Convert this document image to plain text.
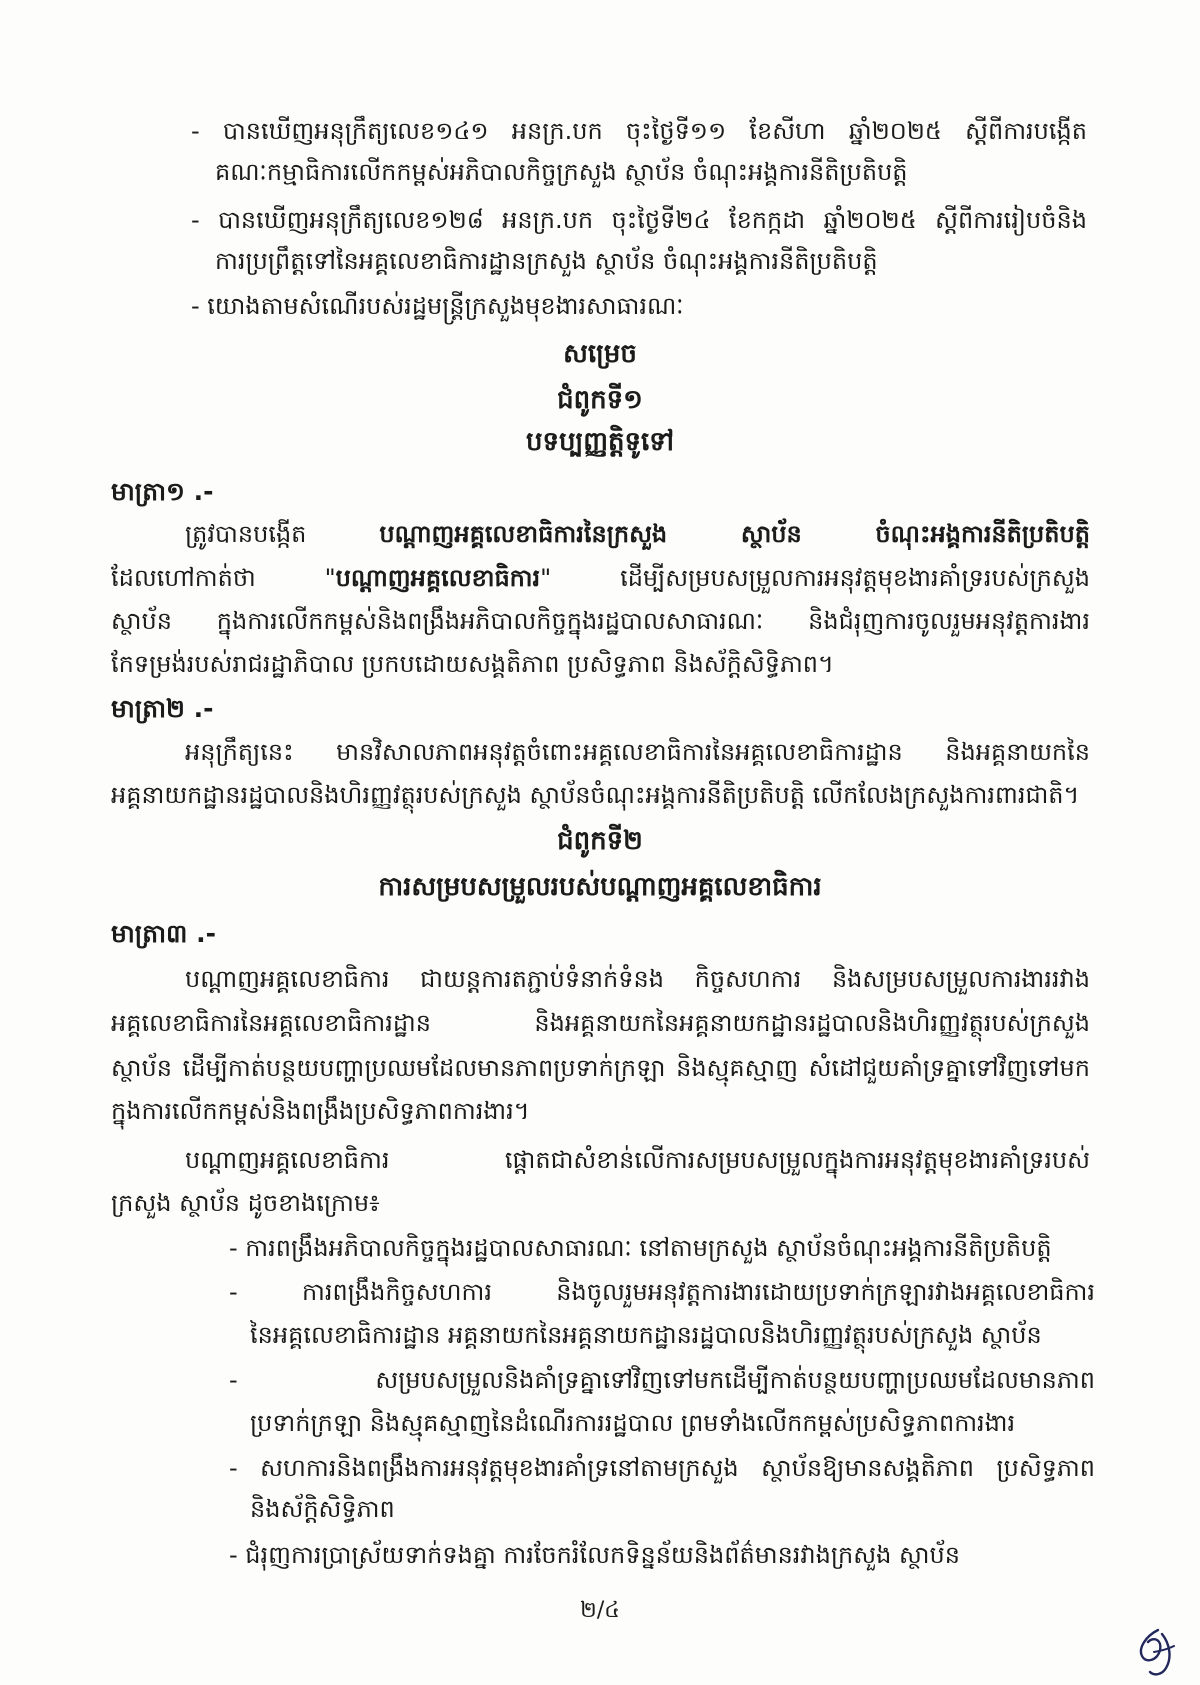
- បានឃើញអនុក្រឹត្យលេខ១៤១ អនក្រ.បក ចុះថ្ងៃទី១១ ខែសីហា ឆ្នាំ២០២៥ ស្តីពីការបង្កើត
គណៈកម្មាធិការលើកកម្ពស់អភិបាលកិច្ចក្រសួង ស្ថាប័ន ចំណុះអង្គការនីតិប្រតិបត្តិ
- បានឃើញអនុក្រឹត្យលេខ១២៨ អនក្រ.បក ចុះថ្ងៃទី២៤ ខែកក្កដា ឆ្នាំ២០២៥ ស្តីពីការរៀបចំនិង
ការប្រព្រឹត្តទៅនៃអគ្គលេខាធិការដ្ឋានក្រសួង ស្ថាប័ន ចំណុះអង្គការនីតិប្រតិបត្តិ
- យោងតាមសំណើរបស់រដ្ឋមន្ត្រីក្រសួងមុខងារសាធារណៈ
សម្រេច
ជំពូកទី១
បទប្បញ្ញត្តិទូទៅ
មាត្រា១ .-
ត្រូវបានបង្កើត បណ្តាញអគ្គលេខាធិការនៃក្រសួង ស្ថាប័ន ចំណុះអង្គការនីតិប្រតិបត្តិ
ដែលហៅកាត់ថា "បណ្តាញអគ្គលេខាធិការ" ដើម្បីសម្របសម្រួលការអនុវត្តមុខងារគាំទ្ររបស់ក្រសួង
ស្ថាប័ន ក្នុងការលើកកម្ពស់និងពង្រឹងអភិបាលកិច្ចក្នុងរដ្ឋបាលសាធារណៈ និងជំរុញការចូលរួមអនុវត្តការងារ
កែទម្រង់របស់រាជរដ្ឋាភិបាល ប្រកបដោយសង្គតិភាព ប្រសិទ្ធភាព និងស័ក្តិសិទ្ធិភាព។
មាត្រា២ .-
អនុក្រឹត្យនេះ មានវិសាលភាពអនុវត្តចំពោះអគ្គលេខាធិការនៃអគ្គលេខាធិការដ្ឋាន និងអគ្គនាយកនៃ
អគ្គនាយកដ្ឋានរដ្ឋបាលនិងហិរញ្ញវត្ថុរបស់ក្រសួង ស្ថាប័នចំណុះអង្គការនីតិប្រតិបត្តិ លើកលែងក្រសួងការពារជាតិ។
ជំពូកទី២
ការសម្របសម្រួលរបស់បណ្តាញអគ្គលេខាធិការ
មាត្រា៣ .-
បណ្តាញអគ្គលេខាធិការ ជាយន្តការតភ្ជាប់ទំនាក់ទំនង កិច្ចសហការ និងសម្របសម្រួលការងាររវាង
អគ្គលេខាធិការនៃអគ្គលេខាធិការដ្ឋាន និងអគ្គនាយកនៃអគ្គនាយកដ្ឋានរដ្ឋបាលនិងហិរញ្ញវត្ថុរបស់ក្រសួង
ស្ថាប័ន ដើម្បីកាត់បន្ថយបញ្ហាប្រឈមដែលមានភាពប្រទាក់ក្រឡា និងស្មុគស្មាញ សំដៅជួយគាំទ្រគ្នាទៅវិញទៅមក
ក្នុងការលើកកម្ពស់និងពង្រឹងប្រសិទ្ធភាពការងារ។
បណ្តាញអគ្គលេខាធិការ ផ្តោតជាសំខាន់លើការសម្របសម្រួលក្នុងការអនុវត្តមុខងារគាំទ្ររបស់
ក្រសួង ស្ថាប័ន ដូចខាងក្រោម៖
- ការពង្រឹងអភិបាលកិច្ចក្នុងរដ្ឋបាលសាធារណៈ នៅតាមក្រសួង ស្ថាប័នចំណុះអង្គការនីតិប្រតិបត្តិ
- ការពង្រឹងកិច្ចសហការ និងចូលរួមអនុវត្តការងារដោយប្រទាក់ក្រឡារវាងអគ្គលេខាធិការ
នៃអគ្គលេខាធិការដ្ឋាន អគ្គនាយកនៃអគ្គនាយកដ្ឋានរដ្ឋបាលនិងហិរញ្ញវត្ថុរបស់ក្រសួង ស្ថាប័ន
- សម្របសម្រួលនិងគាំទ្រគ្នាទៅវិញទៅមកដើម្បីកាត់បន្ថយបញ្ហាប្រឈមដែលមានភាព
ប្រទាក់ក្រឡា និងស្មុគស្មាញនៃដំណើរការរដ្ឋបាល ព្រមទាំងលើកកម្ពស់ប្រសិទ្ធភាពការងារ
- សហការនិងពង្រឹងការអនុវត្តមុខងារគាំទ្រនៅតាមក្រសួង ស្ថាប័នឱ្យមានសង្គតិភាព ប្រសិទ្ធភាព
និងស័ក្តិសិទ្ធិភាព
- ជំរុញការប្រាស្រ័យទាក់ទងគ្នា ការចែករំលែកទិន្នន័យនិងព័ត៌មានរវាងក្រសួង ស្ថាប័ន
២/៤
